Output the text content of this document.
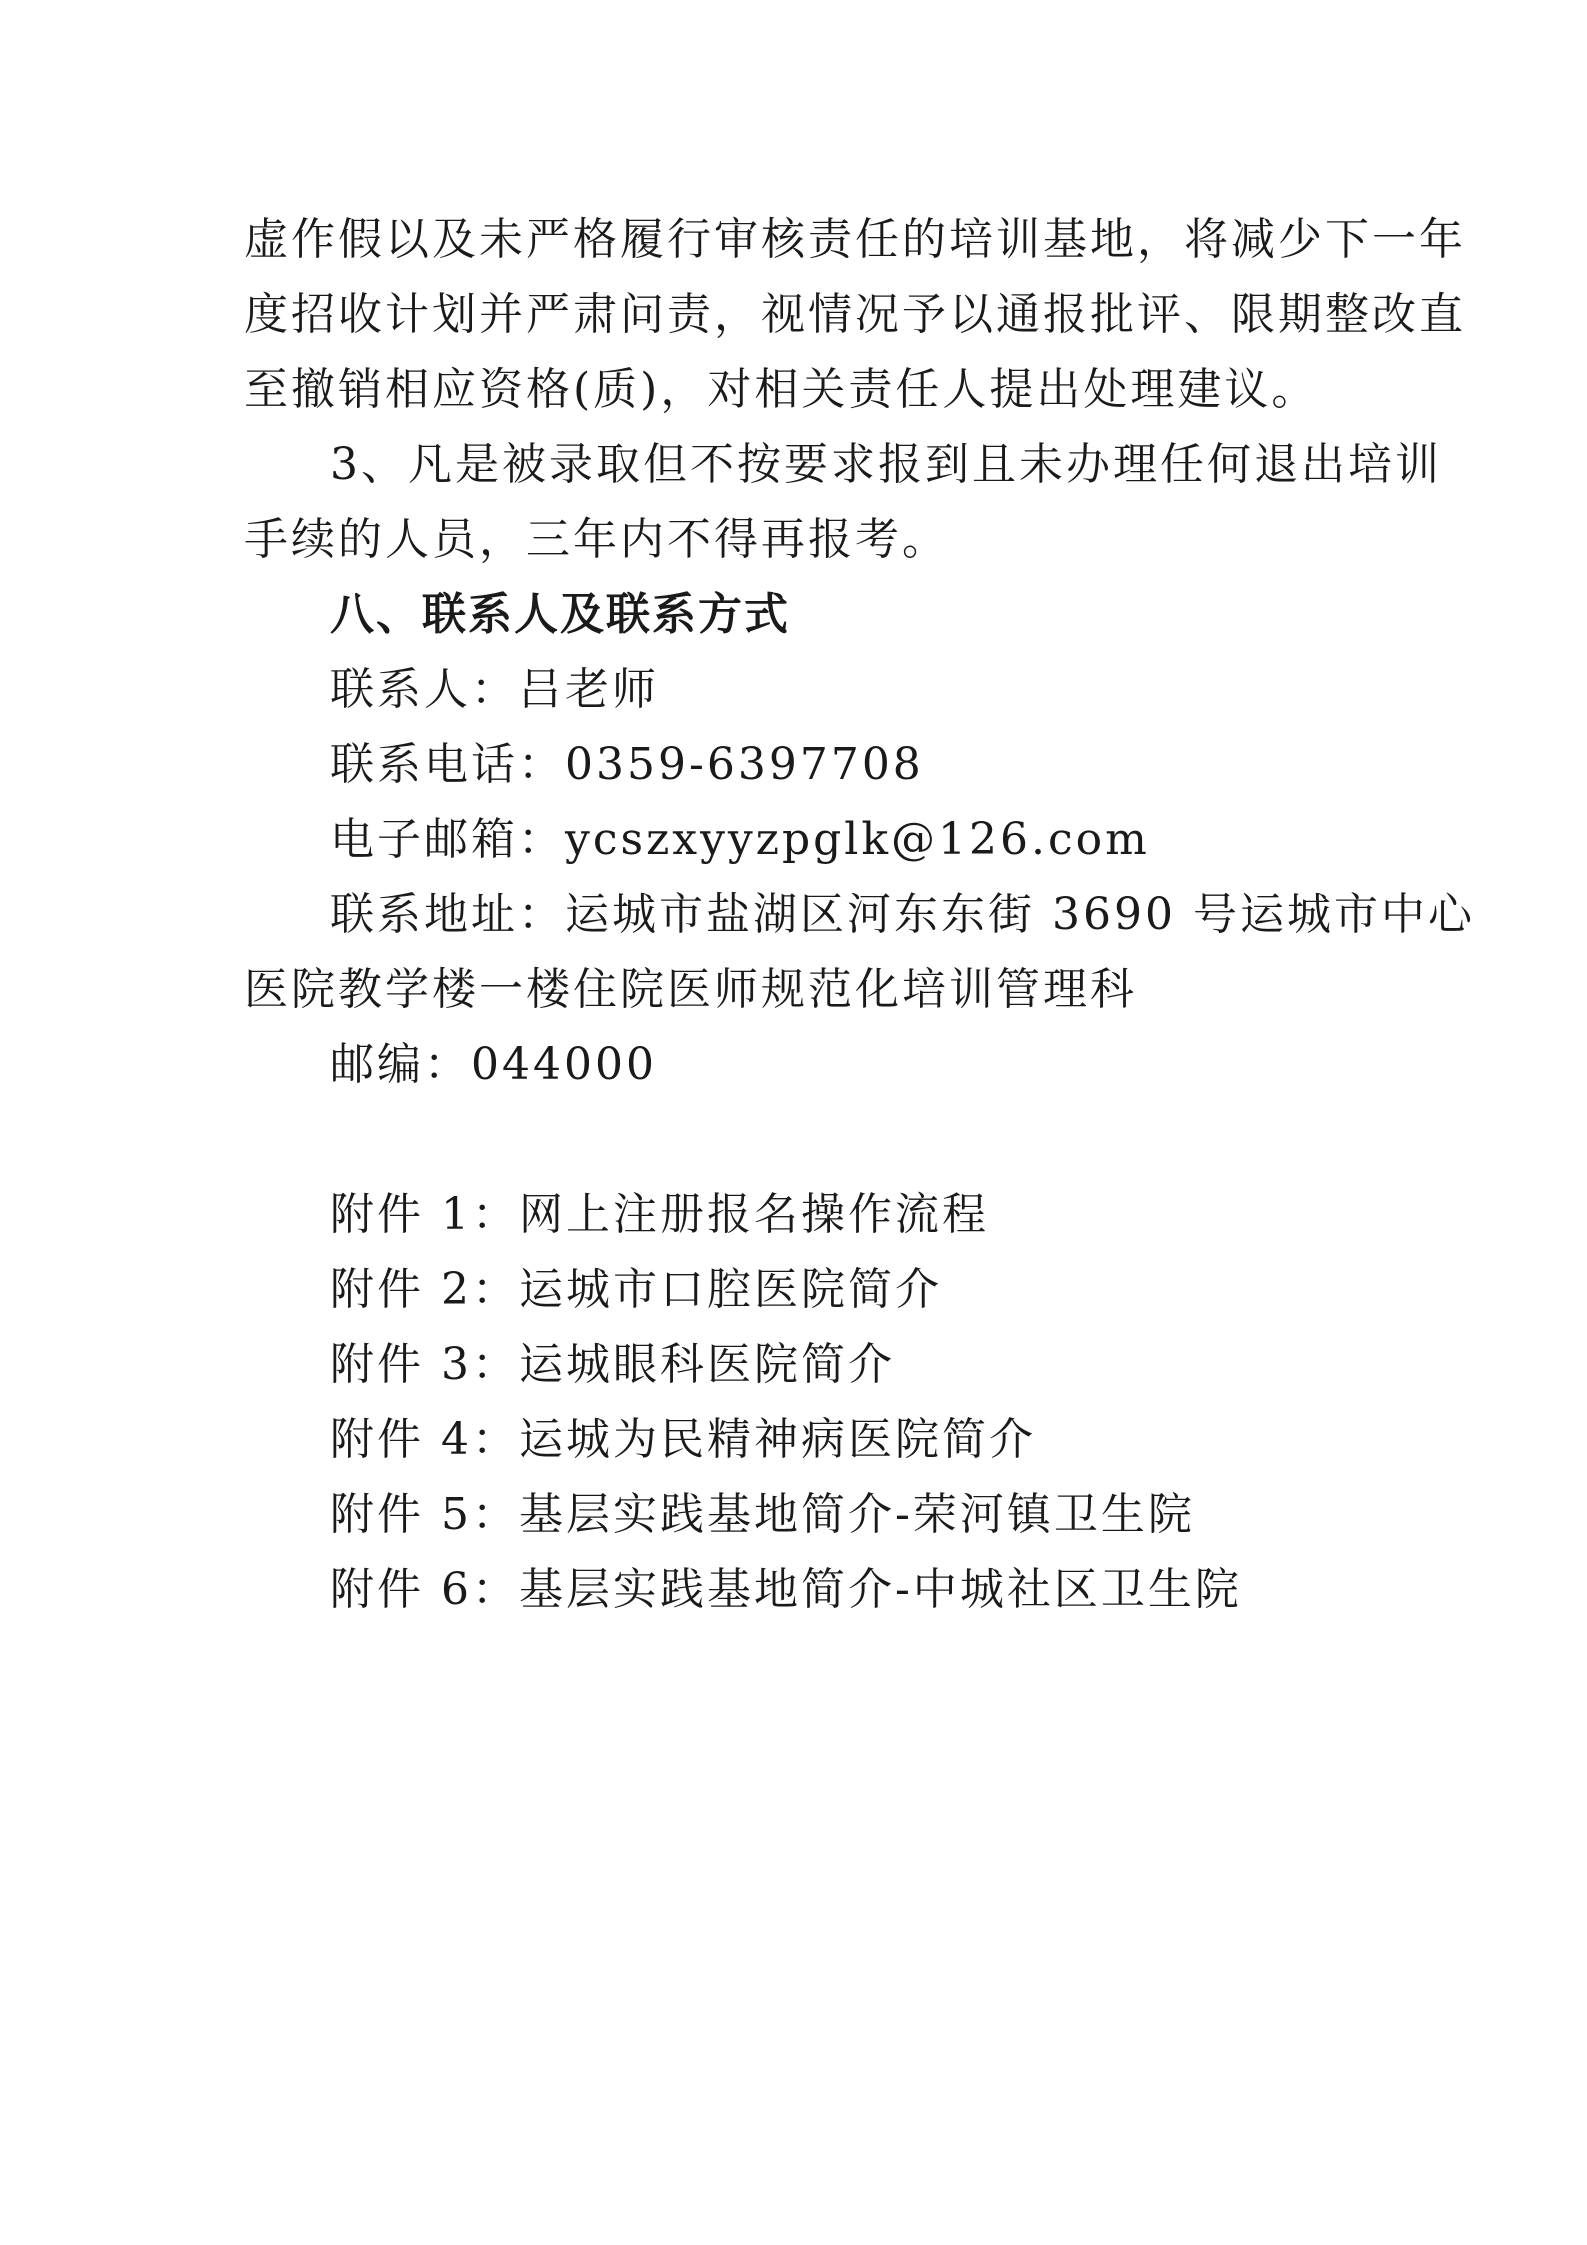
虚作假以及未严格履行审核责任的培训基地，将减少下一年
度招收计划并严肃问责，视情况予以通报批评、限期整改直
至撤销相应资格(质)，对相关责任人提出处理建议。
3、凡是被录取但不按要求报到且未办理任何退出培训
手续的人员，三年内不得再报考。
八、联系人及联系方式
联系人：吕老师
联系电话：0359-6397708
电子邮箱：ycszxyyzpglk@126.com
联系地址：运城市盐湖区河东东街 3690 号运城市中心
医院教学楼一楼住院医师规范化培训管理科
邮编：044000
附件 1：网上注册报名操作流程
附件 2：运城市口腔医院简介
附件 3：运城眼科医院简介
附件 4：运城为民精神病医院简介
附件 5：基层实践基地简介-荣河镇卫生院
附件 6：基层实践基地简介-中城社区卫生院
